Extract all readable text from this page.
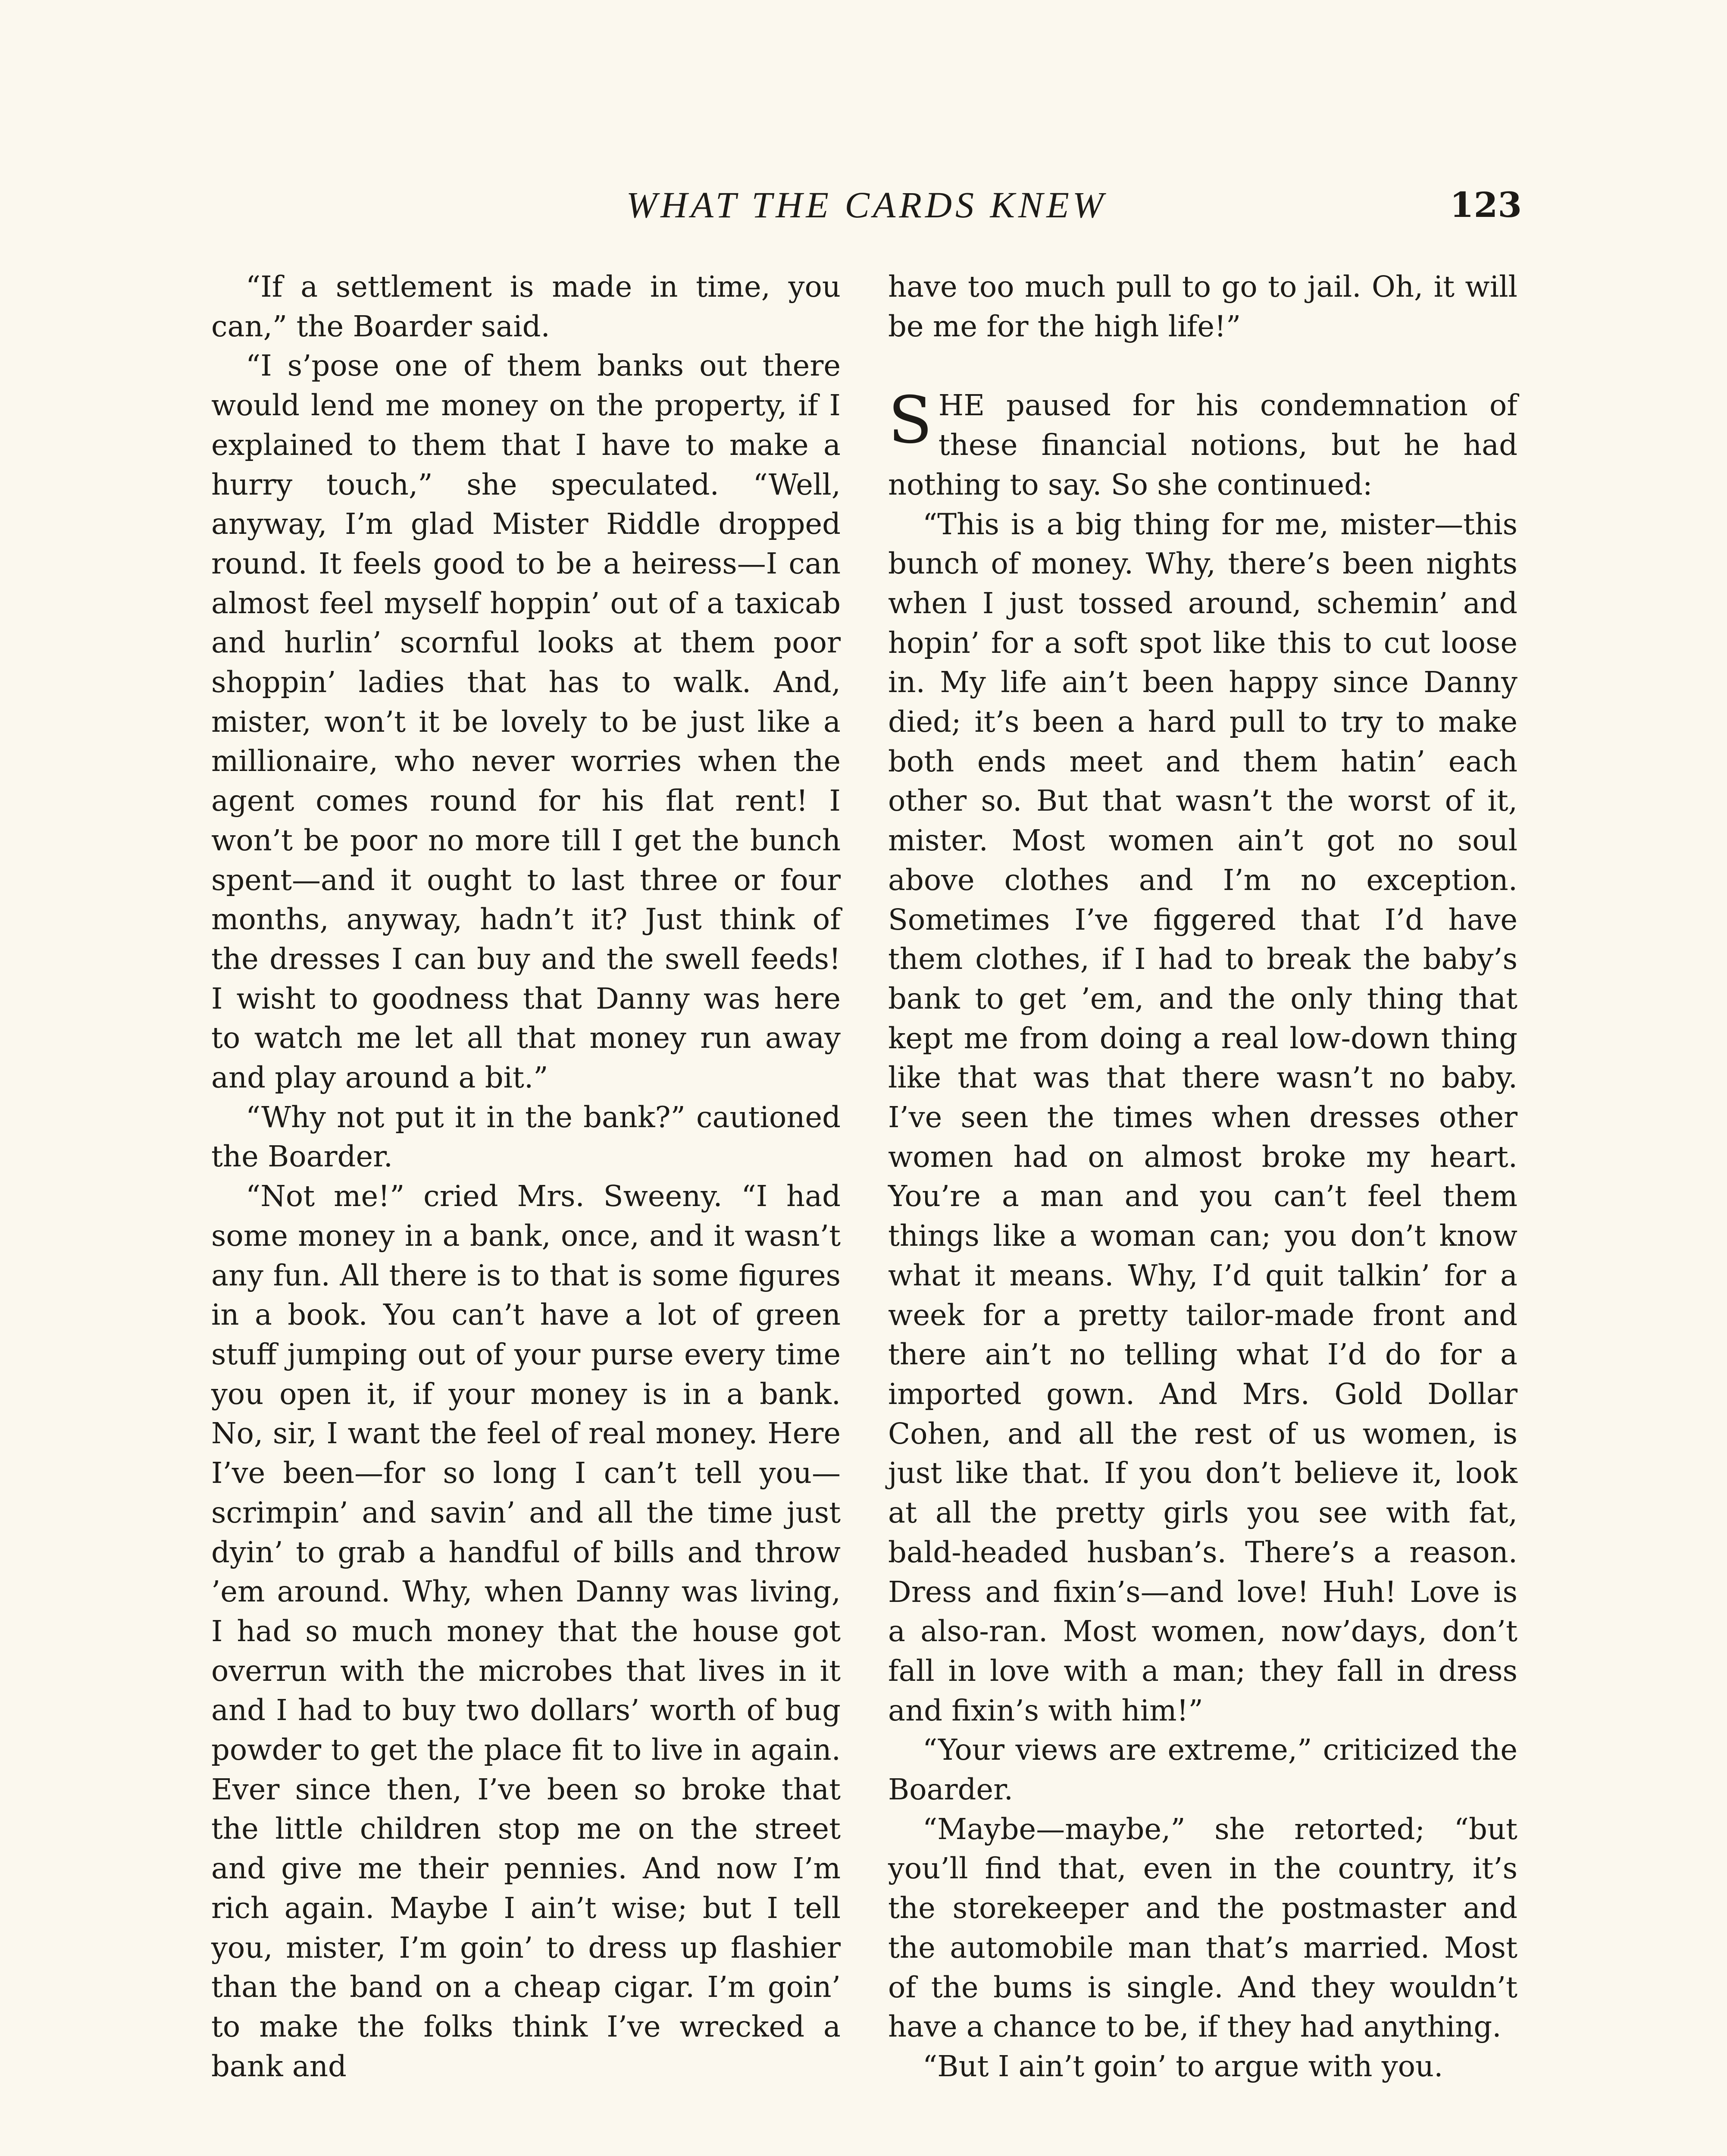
WHAT THE CARDS KNEW	123

“If a settlement is made in time, you can,” the Boarder said.

“I s’pose one of them banks out there would lend me money on the property, if I explained to them that I have to make a hurry touch,” she speculated. “Well, anyway, I’m glad Mister Riddle dropped round. It feels good to be a heiress—I can almost feel myself hoppin’ out of a taxicab and hurlin’ scornful looks at them poor shoppin’ ladies that has to walk. And, mister, won’t it be lovely to be just like a millionaire, who never worries when the agent comes round for his flat rent! I won’t be poor no more till I get the bunch spent—and it ought to last three or four months, anyway, hadn’t it? Just think of the dresses I can buy and the swell feeds! I wisht to goodness that Danny was here to watch me let all that money run away and play around a bit.”

“Why not put it in the bank?” cautioned the Boarder.

“Not me!” cried Mrs. Sweeny. “I had some money in a bank, once, and it wasn’t any fun. All there is to that is some figures in a book. You can’t have a lot of green stuff jumping out of your purse every time you open it, if your money is in a bank. No, sir, I want the feel of real money. Here I’ve been—for so long I can’t tell you—scrimpin’ and savin’ and all the time just dyin’ to grab a handful of bills and throw ’em around. Why, when Danny was living, I had so much money that the house got overrun with the microbes that lives in it and I had to buy two dollars’ worth of bug powder to get the place fit to live in again. Ever since then, I’ve been so broke that the little children stop me on the street and give me their pennies. And now I’m rich again. Maybe I ain’t wise; but I tell you, mister, I’m goin’ to dress up flashier than the band on a cheap cigar. I’m goin’ to make the folks think I’ve wrecked a bank and

have too much pull to go to jail. Oh, it will be me for the high life!”

SHE paused for his condemnation of these financial notions, but he had nothing to say. So she continued:

“This is a big thing for me, mister—this bunch of money. Why, there’s been nights when I just tossed around, schemin’ and hopin’ for a soft spot like this to cut loose in. My life ain’t been happy since Danny died; it’s been a hard pull to try to make both ends meet and them hatin’ each other so. But that wasn’t the worst of it, mister. Most women ain’t got no soul above clothes and I’m no exception. Sometimes I’ve figgered that I’d have them clothes, if I had to break the baby’s bank to get ’em, and the only thing that kept me from doing a real low-down thing like that was that there wasn’t no baby. I’ve seen the times when dresses other women had on almost broke my heart. You’re a man and you can’t feel them things like a woman can; you don’t know what it means. Why, I’d quit talkin’ for a week for a pretty tailor-made front and there ain’t no telling what I’d do for a imported gown. And Mrs. Gold Dollar Cohen, and all the rest of us women, is just like that. If you don’t believe it, look at all the pretty girls you see with fat, bald-headed husban’s. There’s a reason. Dress and fixin’s—and love! Huh! Love is a also-ran. Most women, now’days, don’t fall in love with a man; they fall in dress and fixin’s with him!”

“Your views are extreme,” criticized the Boarder.

“Maybe—maybe,” she retorted; “but you’ll find that, even in the country, it’s the storekeeper and the postmaster and the automobile man that’s married. Most of the bums is single. And they wouldn’t have a chance to be, if they had anything.

“But I ain’t goin’ to argue with you.
